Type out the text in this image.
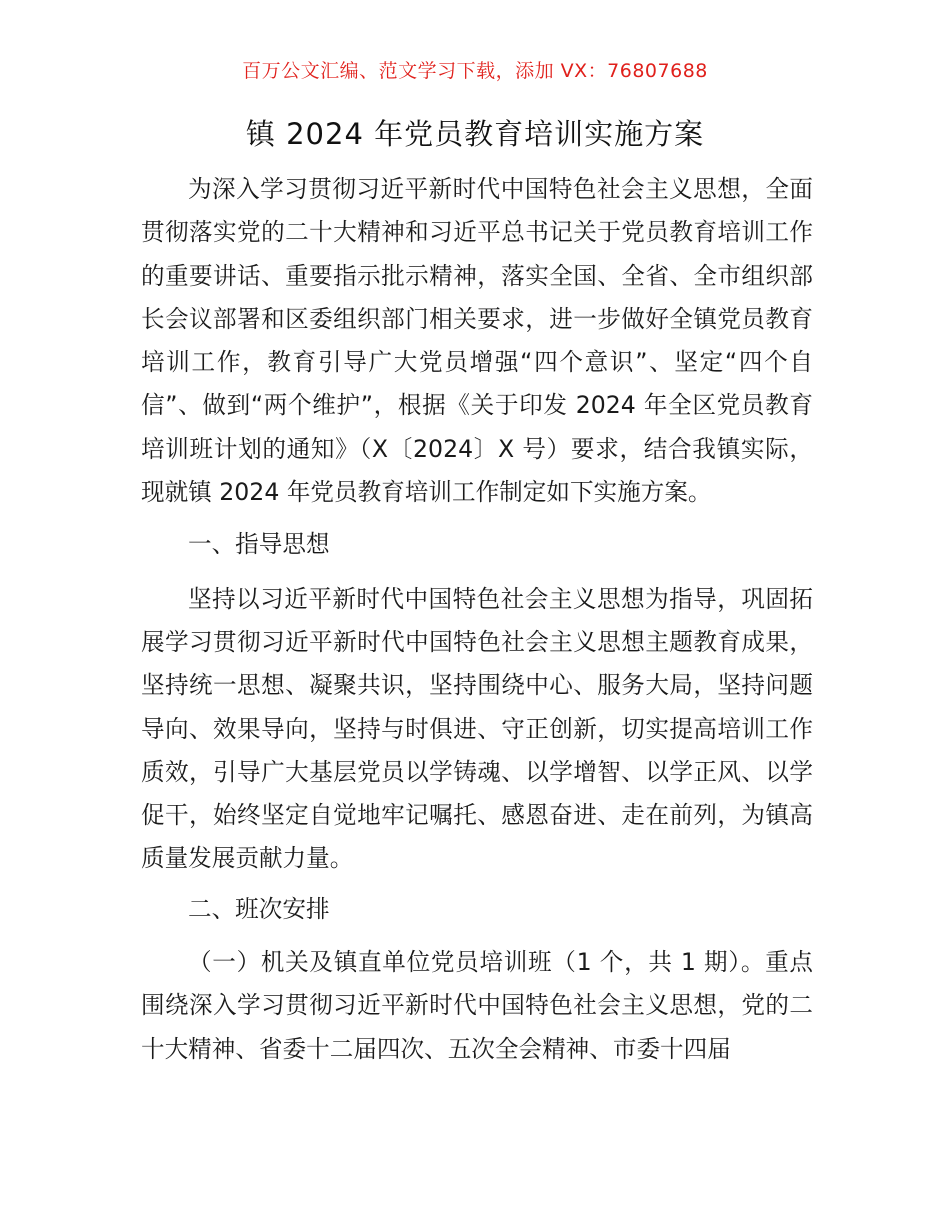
百万公文汇编、范文学习下载，添加 VX：76807688
镇 2024 年党员教育培训实施方案

为深入学习贯彻习近平新时代中国特色社会主义思想，全面贯彻落实党的二十大精神和习近平总书记关于党员教育培训工作的重要讲话、重要指示批示精神，落实全国、全省、全市组织部长会议部署和区委组织部门相关要求，进一步做好全镇党员教育培训工作，教育引导广大党员增强“四个意识”、坚定“四个自信”、做到“两个维护”，根据《关于印发 2024 年全区党员教育培训班计划的通知》（X〔2024〕X 号）要求，结合我镇实际，现就镇 2024 年党员教育培训工作制定如下实施方案。

一、指导思想

坚持以习近平新时代中国特色社会主义思想为指导，巩固拓展学习贯彻习近平新时代中国特色社会主义思想主题教育成果，坚持统一思想、凝聚共识，坚持围绕中心、服务大局，坚持问题导向、效果导向，坚持与时俱进、守正创新，切实提高培训工作质效，引导广大基层党员以学铸魂、以学增智、以学正风、以学促干，始终坚定自觉地牢记嘱托、感恩奋进、走在前列，为镇高质量发展贡献力量。

二、班次安排

（一）机关及镇直单位党员培训班（1 个，共 1 期）。重点围绕深入学习贯彻习近平新时代中国特色社会主义思想，党的二十大精神、省委十二届四次、五次全会精神、市委十四届
